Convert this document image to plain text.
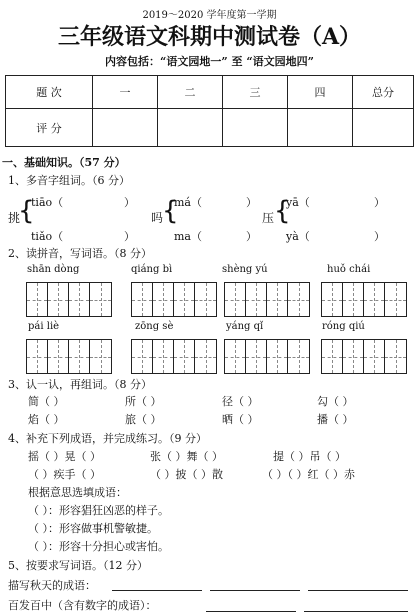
2019～2020 学年度第一学期
三年级语文科期中测试卷（A）
内容包括：“语文园地一” 至 “语文园地四”
题 次	一	二	三	四	总分
评 分					
一、基础知识。（57 分）
1、多音字组词。（6 分）
挑
{
tiāo（	）
tiǎo（	）
吗
{
má（	）
ma（	）
压 {
yā（	）
yà（	）
2、读拼音，写词语。（8 分）
shān dòng	qiáng bì	shèng yú	huǒ chái
pái liè	zōng sè	yáng qǐ	róng qiú
3、认一认，再组词。（8 分）
简（ ）	所（ ）	径（ ）	勾（ ）
焰（ ）	旅（ ）	晒（ ）	播（ ）
4、补充下列成语，并完成练习。（9 分）
摇（ ）晃（ ）	张（ ）舞（ ）	提（ ）吊（ ）
（ ）疾手（ ）	（ ）披（ ）散	（ ）（ ）红（ ）赤
根据意思选填成语：
（ ）：形容猖狂凶恶的样子。
（ ）：形容做事机警敏捷。
（ ）：形容十分担心或害怕。
5、按要求写词语。（12 分）
描写秋天的成语：
百发百中（含有数字的成语）：
